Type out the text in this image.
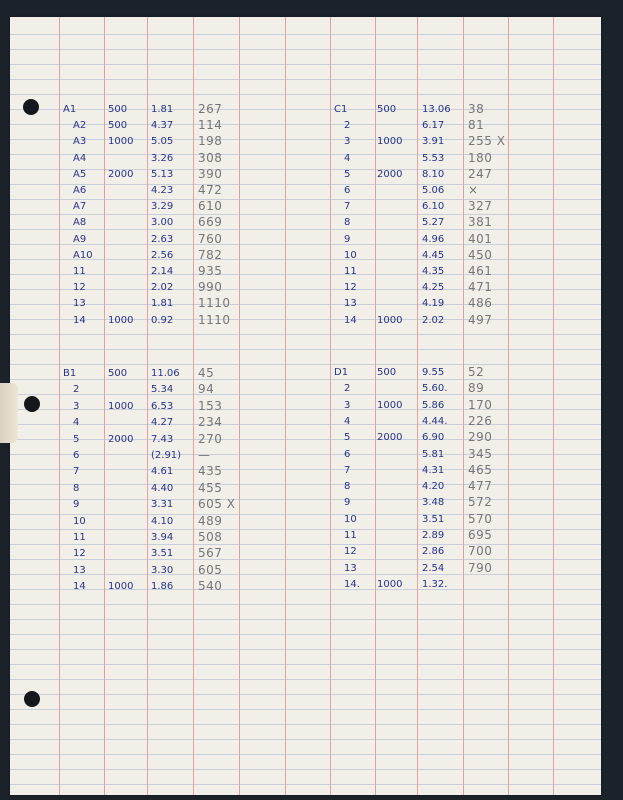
A1	500 1.81 267
A2 500 4.37 114
A3 1000 5.05 198
A4	3.26 308
A5 2000 5.13 390
A6	4.23 472
A7	3.29 610
A8	3.00 669
A9	2.63 760
A10	2.56 782
11	2.14 935
12	2.02 990
13	1.81 1110
14 1000 0.92 1110
C1	500	13.06 38
2	6.17 81
3	1000 3.91 255 X
4	5.53 180
5	2000 8.10 247
6	5.06 ×
7	6.10 327
8	5.27 381
9	4.96 401
10	4.45 450
11	4.35 461
12	4.25 471
13	4.19 486
14 1000 2.02 497
B1	500 11.06 45
2	5.34 94
3	1000 6.53 153
4	4.27 234
5	2000 7.43 270
6	(2.91) —
7	4.61 435
8	4.40 455
9	3.31 605 X
10	4.10 489
11	3.94 508
12	3.51 567
13	3.30 605
14 1000 1.86 540
D1	500	9.55 52
2	5.60. 89
3	1000 5.86 170
4	4.44. 226
5	2000 6.90 290
6	5.81 345
7	4.31 465
8	4.20 477
9	3.48 572
10	3.51 570
11	2.89 695
12	2.86 700
13	2.54 790
14. 1000 1.32.
